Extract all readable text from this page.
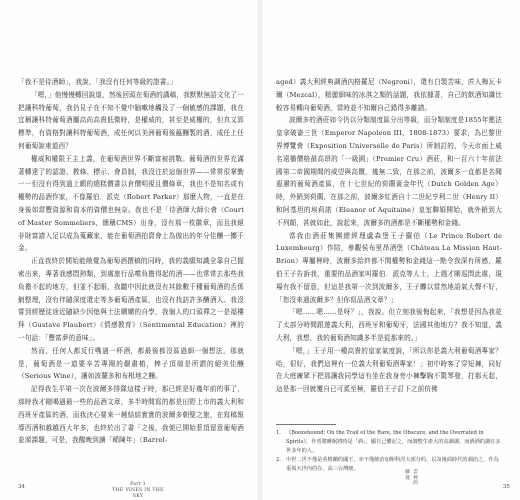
「我不是侍酒師」，我說，「我沒有任何等級的證書。」

「嗯，」他慢慢轉回說道，然後回頭在萄酒的講稿，我默默無語文化了一把讓科特葡萄，我仍見子在不知不覺中脑嗽地觸及了一個敏感的課題，我在宜稱讓科特葡萄酒屬高尚高貴低微時，是權威的，甚至是威權的，但真又算標準，有資格對讓科特葡萄酒，成任何以美洲葡萄後蘊釀製的酒，成任上任何葡萄說東道西？

權威和權限王主上義，在葡萄酒世界不斷富被挑戰。葡萄酒的世界充滿著轉達了的認證、教條、標示、會員制，我沒注於這個世界——常常很掌勤一一但沒有得到過上願的燒糕價書以倉價明視且價條章，我也不是知名或有權勢的品酒作家，不像羅伯．派克（Robert Parker）那麼人物，一直是在身後如當豐資源和資本的資價也無奈。我也不是「侍酒師大師公會（Court of Master Sommeliers，簡稱CMS）出身，沒有那一枚徽章，而且我絕非財富請入足以成為蒐藏家，能在葡萄酒拍賣會上為傲出的年分佳釀一擲千金。

正直我終於開始能敞覺為葡萄酒撰稿的同時，我的義願知識全靠自己握索出來，專著我感悶熱類，到處旅行品嚐負擔得起的酒——也常常去那些我負擔不起的地方，但並不起眼，我聽中因此就沒有其餘數千種葡萄酒的舌係網整理，沒有伴隨深度還走等多葡萄酒產區，也沒有找訪許多釀酒人。我沒嘗到經歷徒途近隨缺少因熄與土法嫻嫻的自學，我個人的口頭禪之一是福樓拜（Gustave Flaubert）《情感教育》（Sentimental Education）裡的一句話：「豐富夢的意味」。

然而，任何人都反行嘴過一杯酒，都最後都沒區過細一個想法，那就是，葡萄酒是一道要辛苦專閱的嚴肅樁，棒子頂端是所謂的絕美佳釀（Serious Wine），讓如波蘭多和布根地之釀。

記得我生平第一次在波爾多排隊這樣子時，那已經是好幾年前的事了，那時我才剛喝過最一些的品酒文章，多半時間寫的都是田野上市的義大利和西班牙產區的酒，而我決心要來一趟結結實實的波爾多朝聖之旅，在寫稿報導西酒和越越西大年多，也終於出了書「之後，我便已開始惹頂留意葡萄酒並頒課題，可是，我醒晚到讀「稀陳年」（Barrel-

34	Part 1
THE VINES IN THE SKY

aged）義大利經典調酒內格羅尼（Negroni），還有白製苦味，匠人梅瓦卡爾（Mezcal），精麗細味的冰淇之類的話題，我依據著，自己的飲酒知識比較容易轉向葡萄酒，當時並不知爾自己錯得多離譜。

波爾多的酒莊如今仍以分類制度區分出等級，而分類制度是1855年應法皇拿破崙三世（Emperor Napoleon III，1808-1873）要求，為巴黎世界博覽會（Exposition Universelle de Paris）所制訂的，今天市面上威名遠播價格最高昂的「一級園」（Premier Cru）酒莊，和一百六十年前法國第二帝國期間的威望與高價，幾無二致，在那之前，波爾多一直都是名聞遐邇的葡萄酒產區，在十七世紀的荷蘭黃金年代（Dutch Golden Age）時，外銷到荷蘭，在那之前，波爾多紅酒自十二世紀亨利二世（Henry II）和阿基坦的埃莉諾（Eleanor of Aquitaine）皇室聯婚開始，就外銷到大不列顛，甚就如此，說起來，波爾多的酒都是不斷權勢和金錢。

當我由酒莊集團總經理盧森堡王子羅伯（Le Prince Robert de Luxembourg）作陪，參觀侯布里昂酒堡（Château La Mission Haut-Brion）專屬裡時，波爾多給終都不間權勢和金錢這一點令我深有所感，羅伯王子告訴我，重要的品酒家叫羅伯．派克等人士，上週才剛巡問此處，現場有我不留意，但這是我第一次到波爾多，王子攤以當然地語氣大聲不好，「您沒來過波爾多？但你寫品酒文章？」

「嗯……嗯……是呀？」，我說。但立刻我後悔起來，「我想是因為我花了太部分時間跟遊義大利，西班牙和葡萄牙，法國其他地方？我不知道，義大利，我想，我的葡萄酒知識多半是從那來的。」

「嗯，」王子用一種高貴的皇家氣度說，「所以你是義大利葡萄酒專家？哈，很好，我們這裡有一位義大利葡萄酒專家！」初中時客了穿短褲，同好在大庭廣眾下把那讓我同學這有坐在我身旁小褲擊胸不驚琴發，打那天起，這是那一回就覆自已可奚至極，羅伯王子訂下之前仿佛

1. 《Boozehound: On the Trail of the Rare, the Obscure, and the Overrated in Spirits》，作者將睡眠將時是「酒」，顯自己體記之，而調整生產大的高調調，而酒酒的調在多世多年的人。
2. 中世二世不僅是英格蘭的國王，亦不僅統治加斯科涅大部分的，以及後面時代的調治之，作為重領大世內的在，高三台灣統。
雲裡的
藤蔓
35
